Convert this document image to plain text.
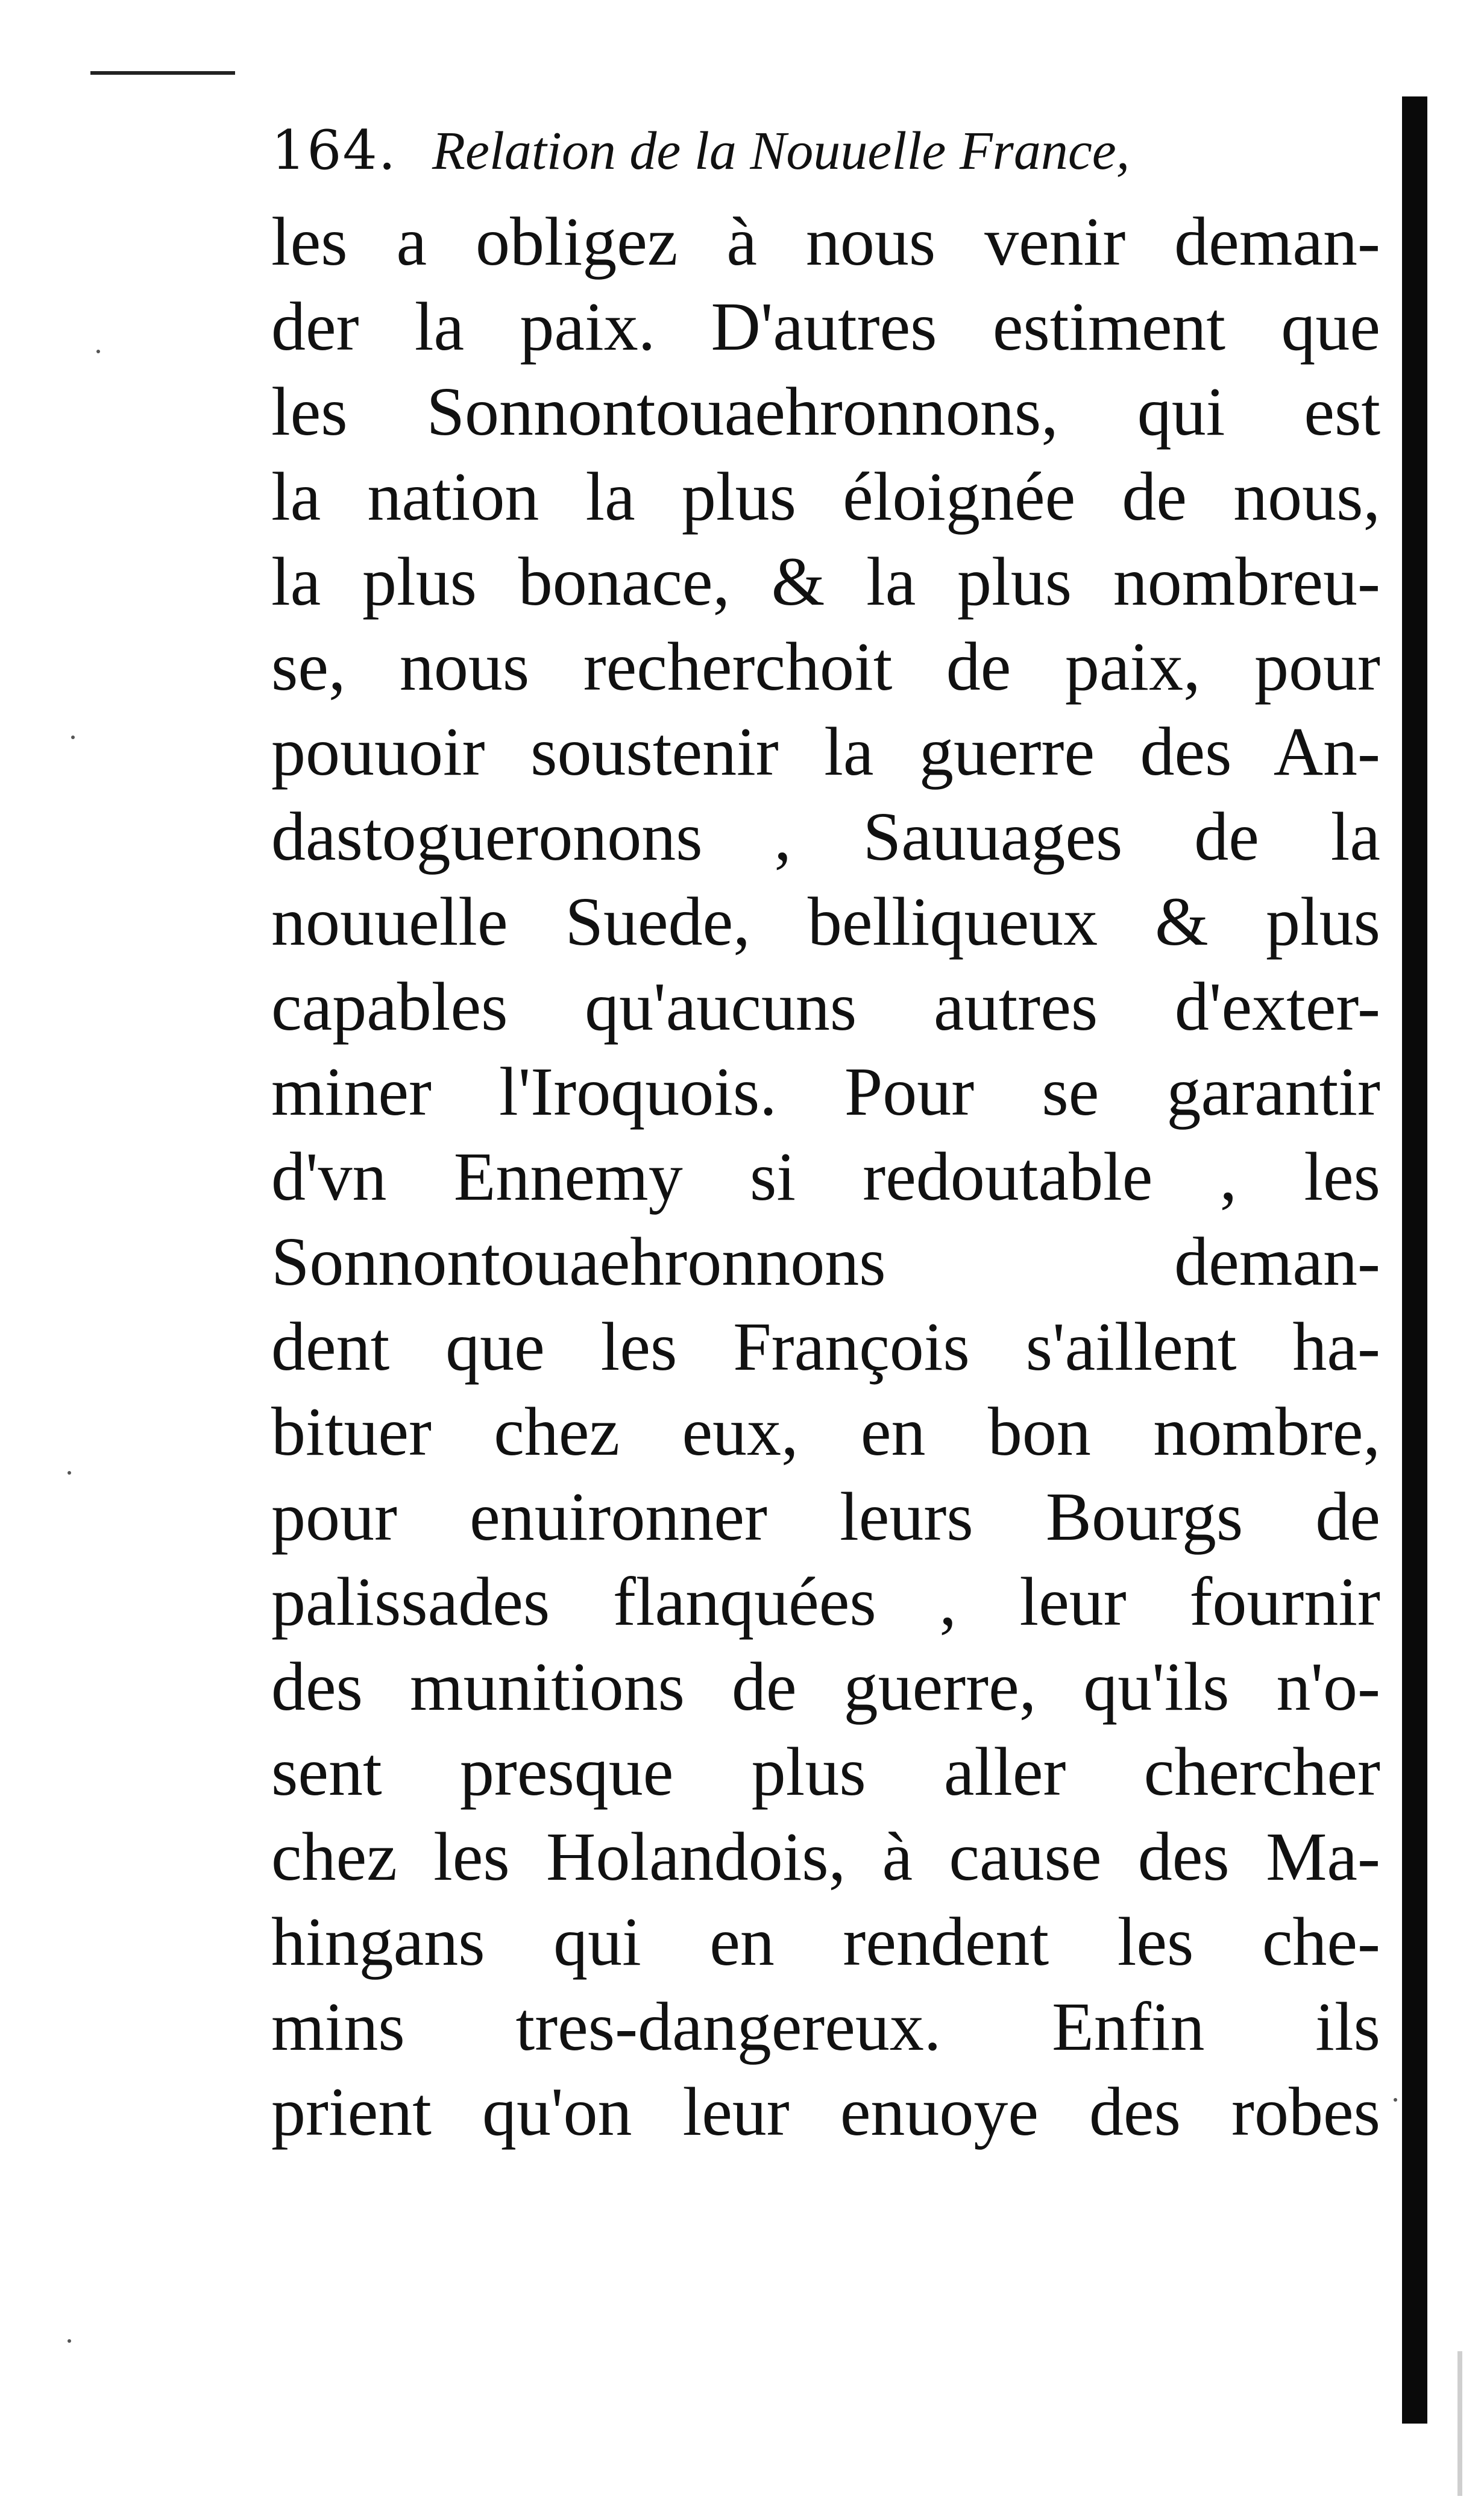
164. Relation de la Nouuelle France,
les a obligez à nous venir deman-
der la paix. D'autres estiment que
les Sonnontouaehronnons, qui est
la nation la plus éloignée de nous,
la plus bonace, & la plus nombreu-
se, nous recherchoit de paix, pour
pouuoir soustenir la guerre des An-
dastogueronons , Sauuages de la
nouuelle Suede, belliqueux & plus
capables qu'aucuns autres d'exter-
miner l'Iroquois. Pour se garantir
d'vn Ennemy si redoutable , les
Sonnontouaehronnons deman-
dent que les François s'aillent ha-
bituer chez eux, en bon nombre,
pour enuironner leurs Bourgs de
palissades flanquées , leur fournir
des munitions de guerre, qu'ils n'o-
sent presque plus aller chercher
chez les Holandois, à cause des Ma-
hingans qui en rendent les che-
mins tres-dangereux. Enfin ils
prient qu'on leur enuoye des robes
